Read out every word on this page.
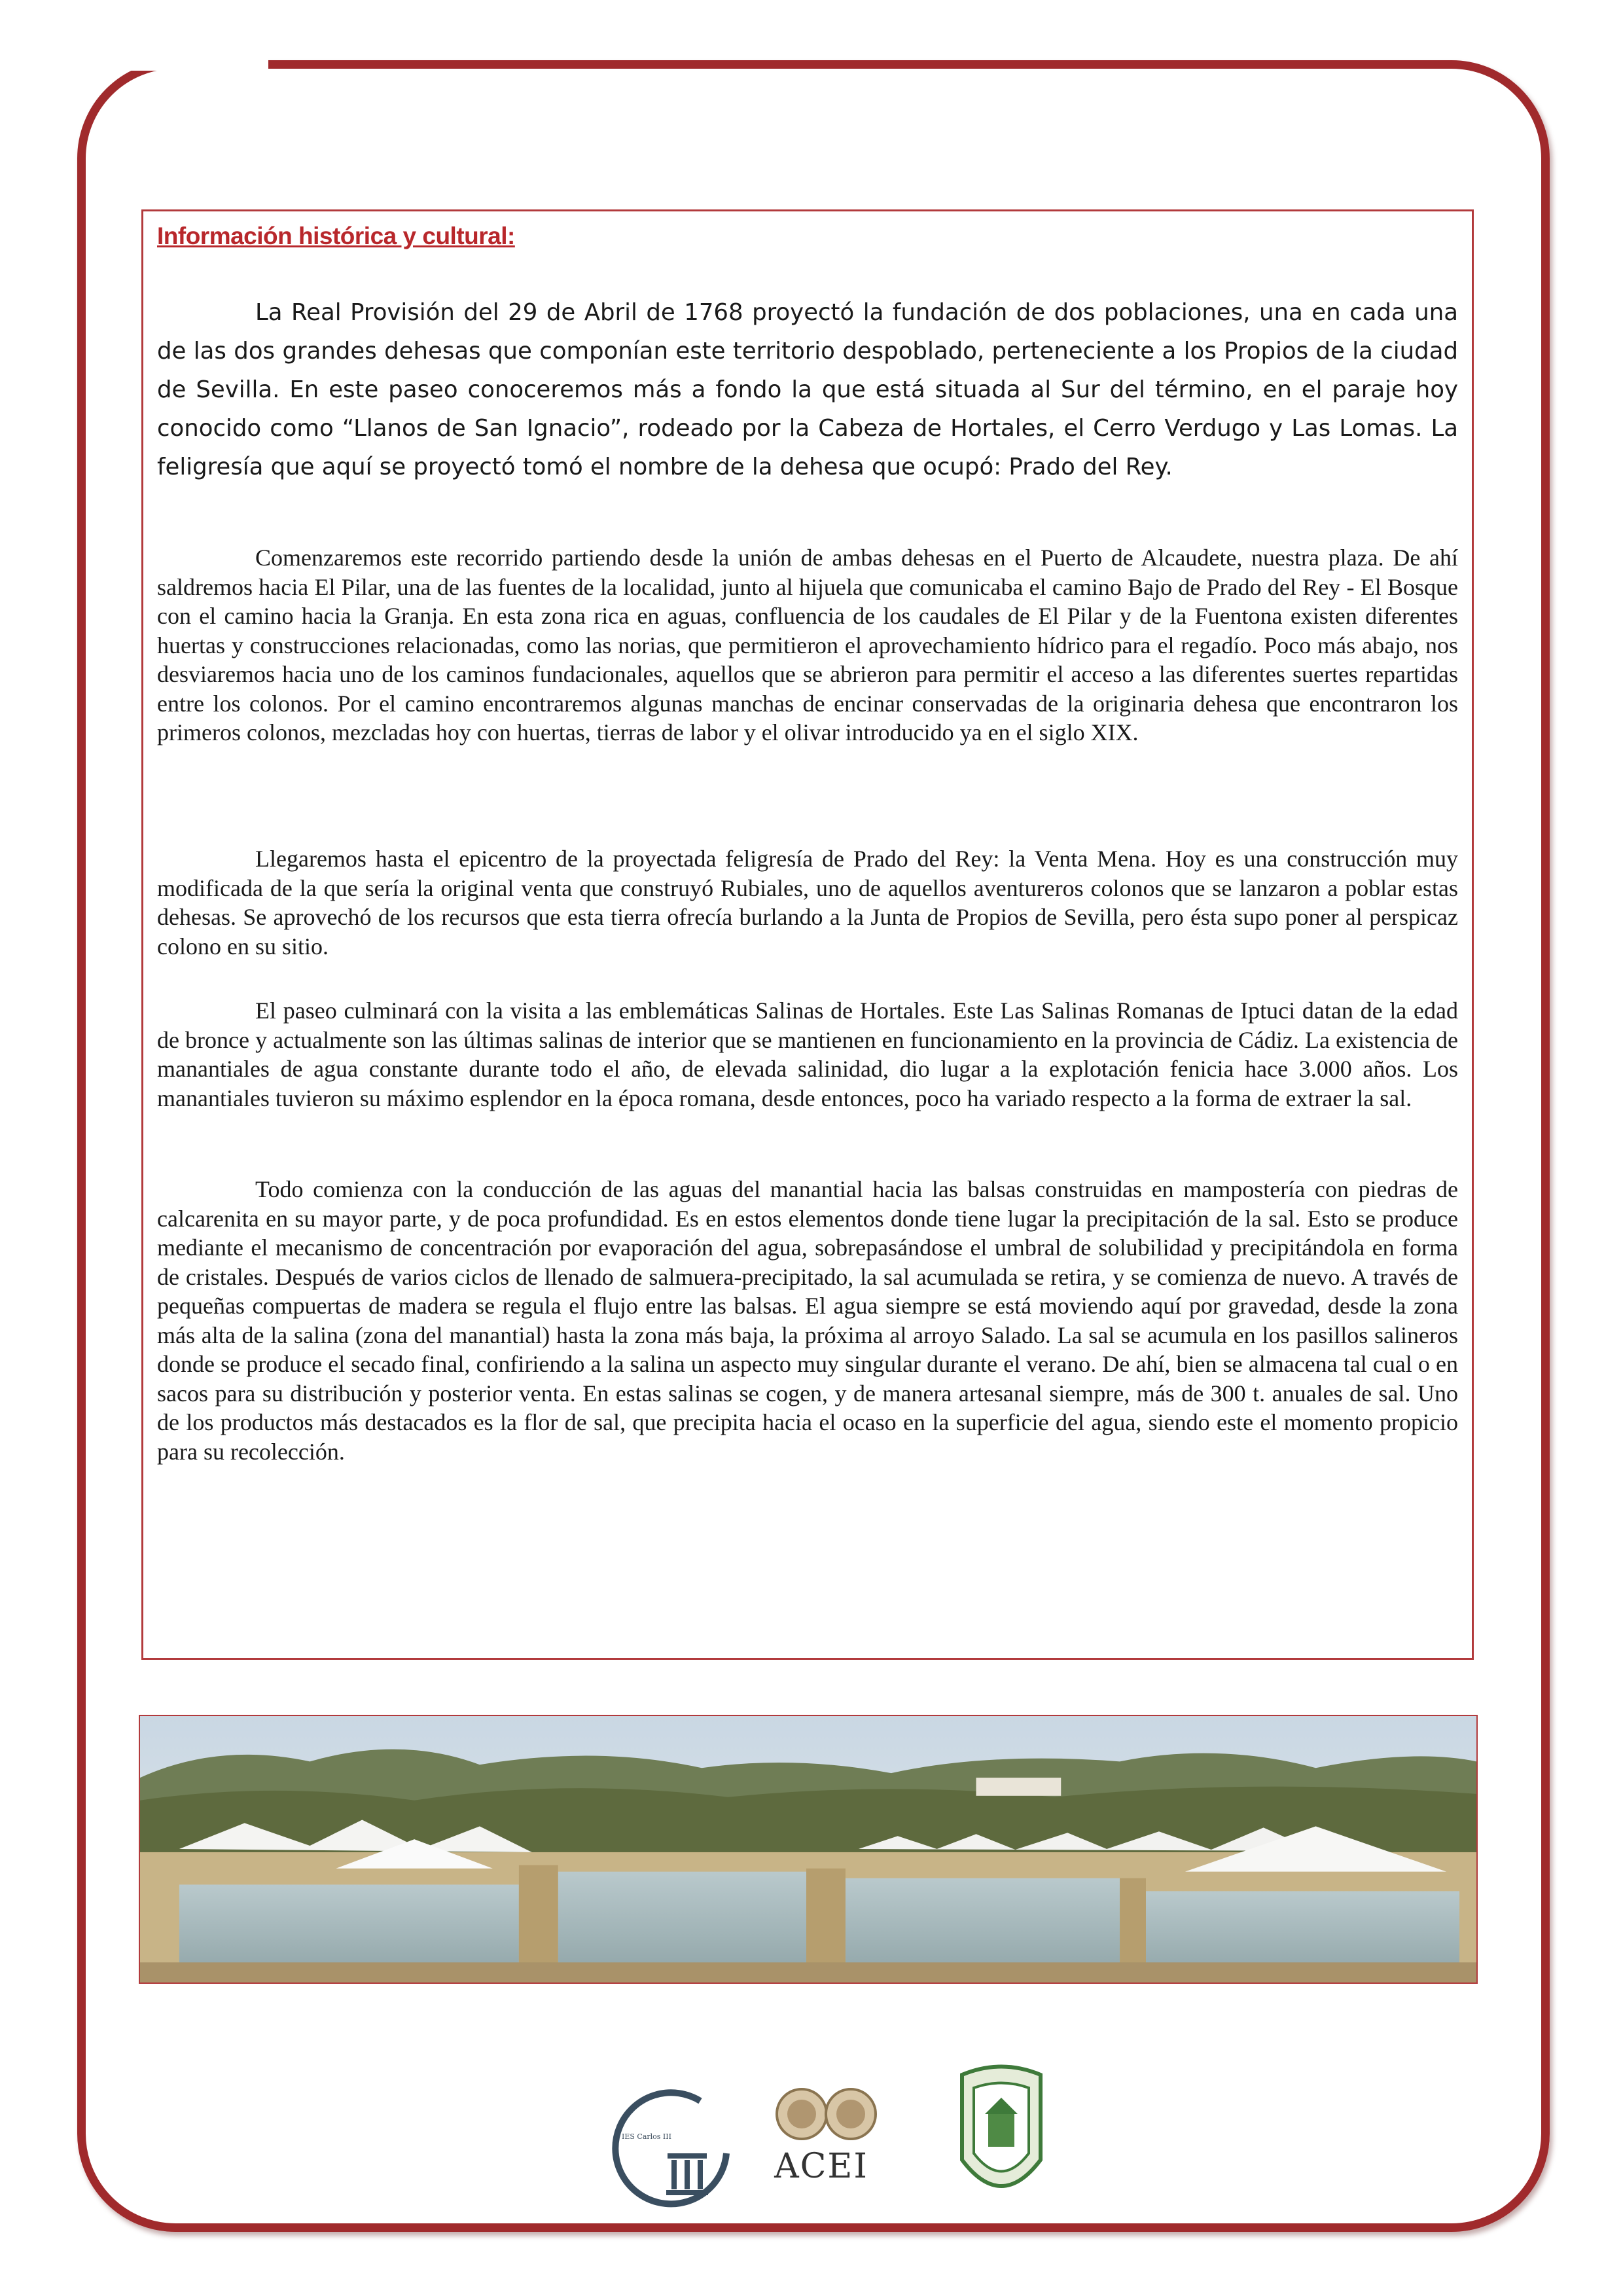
Información histórica y cultural:

La Real Provisión del 29 de Abril de 1768 proyectó la fundación de dos poblaciones, una en cada una de las dos grandes dehesas que componían este territorio despoblado, perteneciente a los Propios de la ciudad de Sevilla. En este paseo conoceremos más a fondo la que está situada al Sur del término, en el paraje hoy conocido como “Llanos de San Ignacio”, rodeado por la Cabeza de Hortales, el Cerro Verdugo y Las Lomas. La feligresía que aquí se proyectó tomó el nombre de la dehesa que ocupó: Prado del Rey.

Comenzaremos este recorrido partiendo desde la unión de ambas dehesas en el Puerto de Alcaudete, nuestra plaza. De ahí saldremos hacia El Pilar, una de las fuentes de la localidad, junto al hijuela que comunicaba el camino Bajo de Prado del Rey - El Bosque con el camino hacia la Granja. En esta zona rica en aguas, confluencia de los caudales de El Pilar y de la Fuentona existen diferentes huertas y construcciones relacionadas, como las norias, que permitieron el aprovechamiento hídrico para el regadío. Poco más abajo, nos desviaremos hacia uno de los caminos fundacionales, aquellos que se abrieron para permitir el acceso a las diferentes suertes repartidas entre los colonos. Por el camino encontraremos algunas manchas de encinar conservadas de la originaria dehesa que encontraron los primeros colonos, mezcladas hoy con huertas, tierras de labor y el olivar introducido ya en el siglo XIX.

Llegaremos hasta el epicentro de la proyectada feligresía de Prado del Rey: la Venta Mena. Hoy es una construcción muy modificada de la que sería la original venta que construyó Rubiales, uno de aquellos aventureros colonos que se lanzaron a poblar estas dehesas. Se aprovechó de los recursos que esta tierra ofrecía burlando a la Junta de Propios de Sevilla, pero ésta supo poner al perspicaz colono en su sitio.

El paseo culminará con la visita a las emblemáticas Salinas de Hortales. Este Las Salinas Romanas de Iptuci datan de la edad de bronce y actualmente son las últimas salinas de interior que se mantienen en funcionamiento en la provincia de Cádiz. La existencia de manantiales de agua constante durante todo el año, de elevada salinidad, dio lugar a la explotación fenicia hace 3.000 años. Los manantiales tuvieron su máximo esplendor en la época romana, desde entonces, poco ha variado respecto a la forma de extraer la sal.

Todo comienza con la conducción de las aguas del manantial hacia las balsas construidas en mampostería con piedras de calcarenita en su mayor parte, y de poca profundidad. Es en estos elementos donde tiene lugar la precipitación de la sal. Esto se produce mediante el mecanismo de concentración por evaporación del agua, sobrepasándose el umbral de solubilidad y precipitándola en forma de cristales. Después de varios ciclos de llenado de salmuera-precipitado, la sal acumulada se retira, y se comienza de nuevo. A través de pequeñas compuertas de madera se regula el flujo entre las balsas. El agua siempre se está moviendo aquí por gravedad, desde la zona más alta de la salina (zona del manantial) hasta la zona más baja, la próxima al arroyo Salado. La sal se acumula en los pasillos salineros donde se produce el secado final, confiriendo a la salina un aspecto muy singular durante el verano. De ahí, bien se almacena tal cual o en sacos para su distribución y posterior venta. En estas salinas se cogen, y de manera artesanal siempre, más de 300 t. anuales de sal. Uno de los productos más destacados es la flor de sal, que precipita hacia el ocaso en la superficie del agua, siendo este el momento propicio para su recolección.

IES Carlos III
ACEI
